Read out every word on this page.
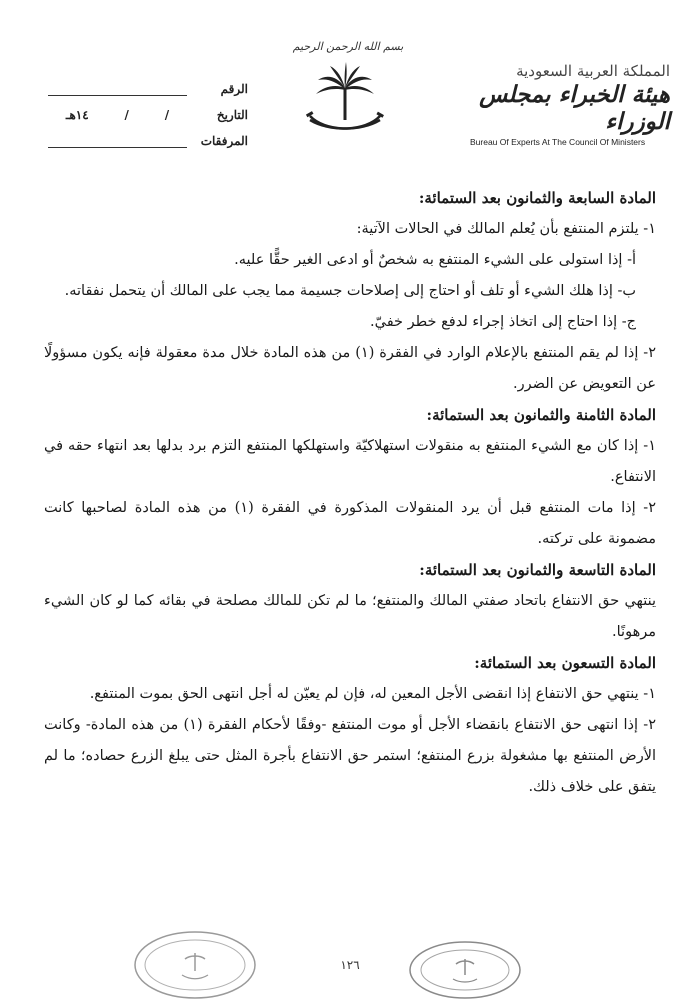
المملكة العربية السعودية
هيئة الخبراء بمجلس الوزراء
Bureau Of Experts At The Council Of Ministers
بسم الله الرحمن الرحيم
الرقم
التاريخ
/
/
١٤هـ
المرفقات

المادة السابعة والثمانون بعد الستمائة:

١- يلتزم المنتفع بأن يُعلم المالك في الحالات الآتية:

أ- إذا استولى على الشيء المنتفع به شخصٌ أو ادعى الغير حقًّا عليه.

ب- إذا هلك الشيء أو تلف أو احتاج إلى إصلاحات جسيمة مما يجب على المالك أن يتحمل نفقاته.

ج- إذا احتاج إلى اتخاذ إجراء لدفع خطر خفيّ.

٢- إذا لم يقم المنتفع بالإعلام الوارد في الفقرة (١) من هذه المادة خلال مدة معقولة فإنه يكون مسؤولًا عن التعويض عن الضرر.

المادة الثامنة والثمانون بعد الستمائة:

١- إذا كان مع الشيء المنتفع به منقولات استهلاكيّة واستهلكها المنتفع التزم برد بدلها بعد انتهاء حقه في الانتفاع.

٢- إذا مات المنتفع قبل أن يرد المنقولات المذكورة في الفقرة (١) من هذه المادة لصاحبها كانت مضمونة على تركته.

المادة التاسعة والثمانون بعد الستمائة:

ينتهي حق الانتفاع باتحاد صفتي المالك والمنتفع؛ ما لم تكن للمالك مصلحة في بقائه كما لو كان الشيء مرهونًا.

المادة التسعون بعد الستمائة:

١- ينتهي حق الانتفاع إذا انقضى الأجل المعين له، فإن لم يعيّن له أجل انتهى الحق بموت المنتفع.

٢- إذا انتهى حق الانتفاع بانقضاء الأجل أو موت المنتفع -وفقًا لأحكام الفقرة (١) من هذه المادة- وكانت الأرض المنتفع بها مشغولة بزرع المنتفع؛ استمر حق الانتفاع بأجرة المثل حتى يبلغ الزرع حصاده؛ ما لم يتفق على خلاف ذلك.

١٢٦
